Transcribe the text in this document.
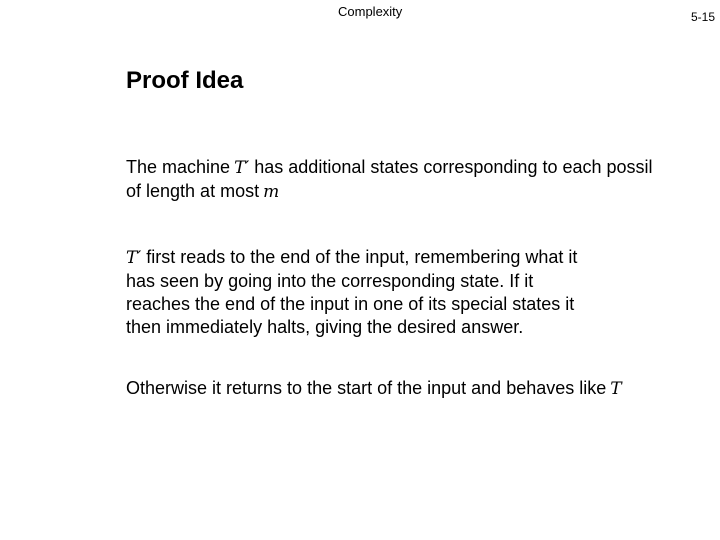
Complexity	5-15
Proof Idea
The machine T′ has additional states corresponding to each possil
of length at most m
T′ first reads to the end of the input, remembering what it
has seen by going into the corresponding state. If it
reaches the end of the input in one of its special states it
then immediately halts, giving the desired answer.
Otherwise it returns to the start of the input and behaves like T
